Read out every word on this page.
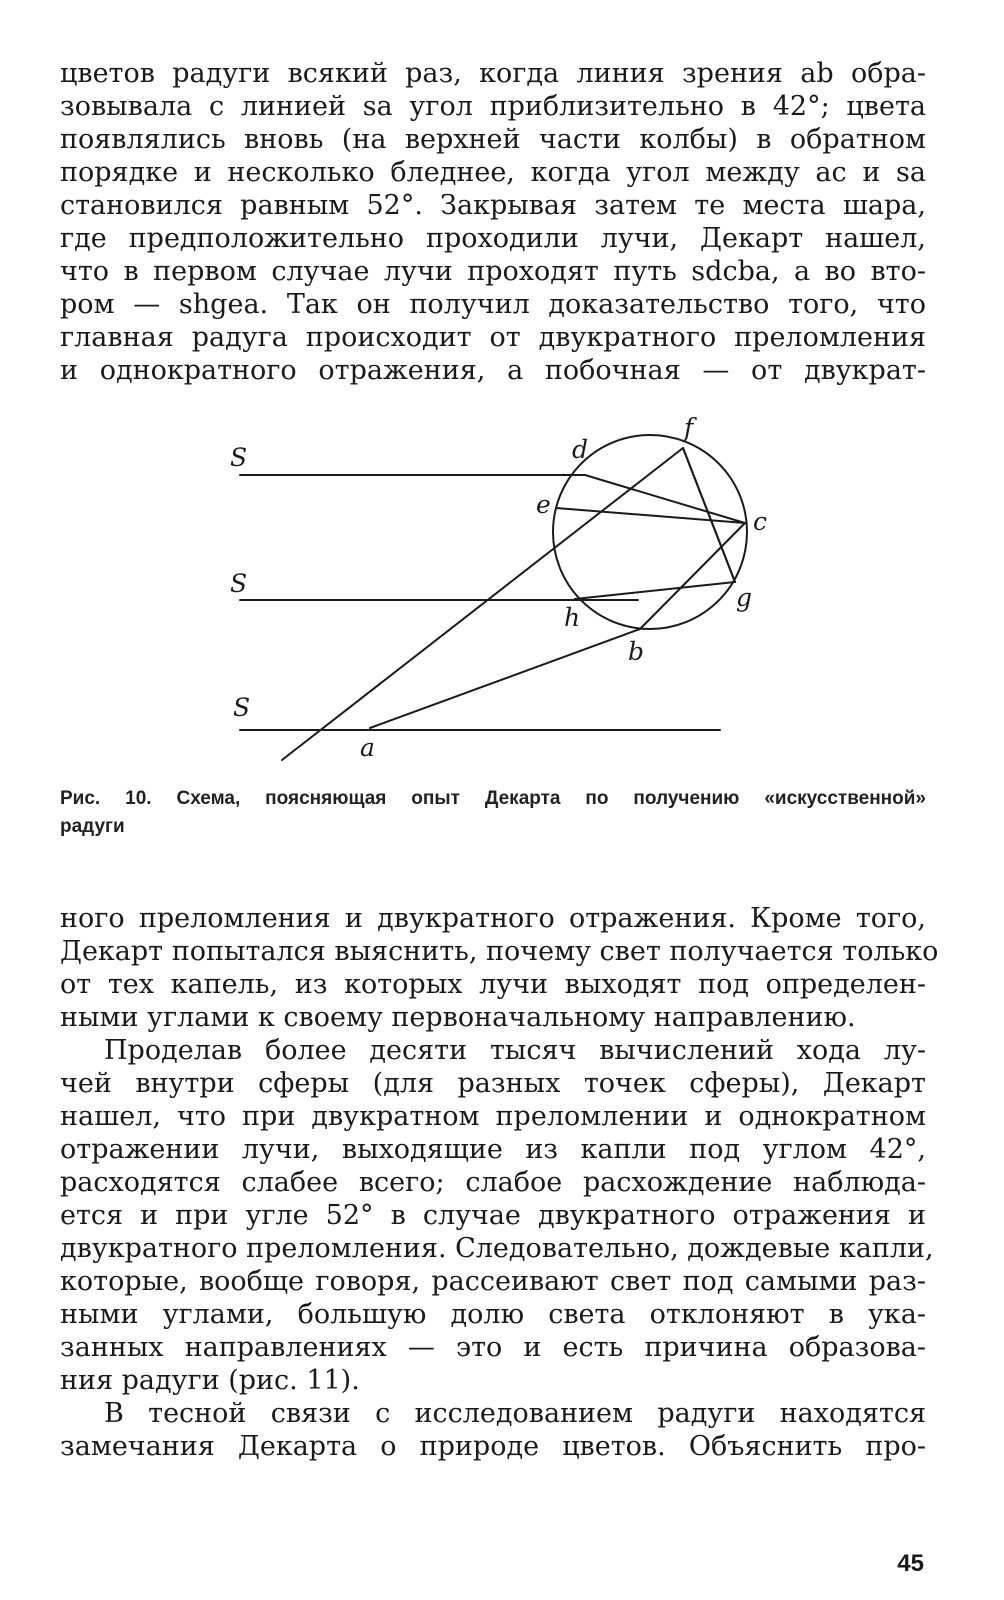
цветов радуги всякий раз, когда линия зрения ab обра-
зовывала с линией sa угол приблизительно в 42°; цвета
появлялись вновь (на верхней части колбы) в обратном
порядке и несколько бледнее, когда угол между ac и sa
становился равным 52°. Закрывая затем те места шара,
где предположительно проходили лучи, Декарт нашел,
что в первом случае лучи проходят путь sdcba, а во вто-
ром — shgea. Так он получил доказательство того, что
главная радуга происходит от двукратного преломления
и однократного отражения, а побочная — от двукрат-
S
S
S
a
b
c
d
e
f
g
h
Рис. 10. Схема, поясняющая опыт Декарта по получению «искусственной»
радуги
ного преломления и двукратного отражения. Кроме того,
Декарт попытался выяснить, почему свет получается только
от тех капель, из которых лучи выходят под определен-
ными углами к своему первоначальному направлению.
Проделав более десяти тысяч вычислений хода лу-
чей внутри сферы (для разных точек сферы), Декарт
нашел, что при двукратном преломлении и однократном
отражении лучи, выходящие из капли под углом 42°,
расходятся слабее всего; слабое расхождение наблюда-
ется и при угле 52° в случае двукратного отражения и
двукратного преломления. Следовательно, дождевые капли,
которые, вообще говоря, рассеивают свет под самыми раз-
ными углами, большую долю света отклоняют в ука-
занных направлениях — это и есть причина образова-
ния радуги (рис. 11).
В тесной связи с исследованием радуги находятся
замечания Декарта о природе цветов. Объяснить про-
45
